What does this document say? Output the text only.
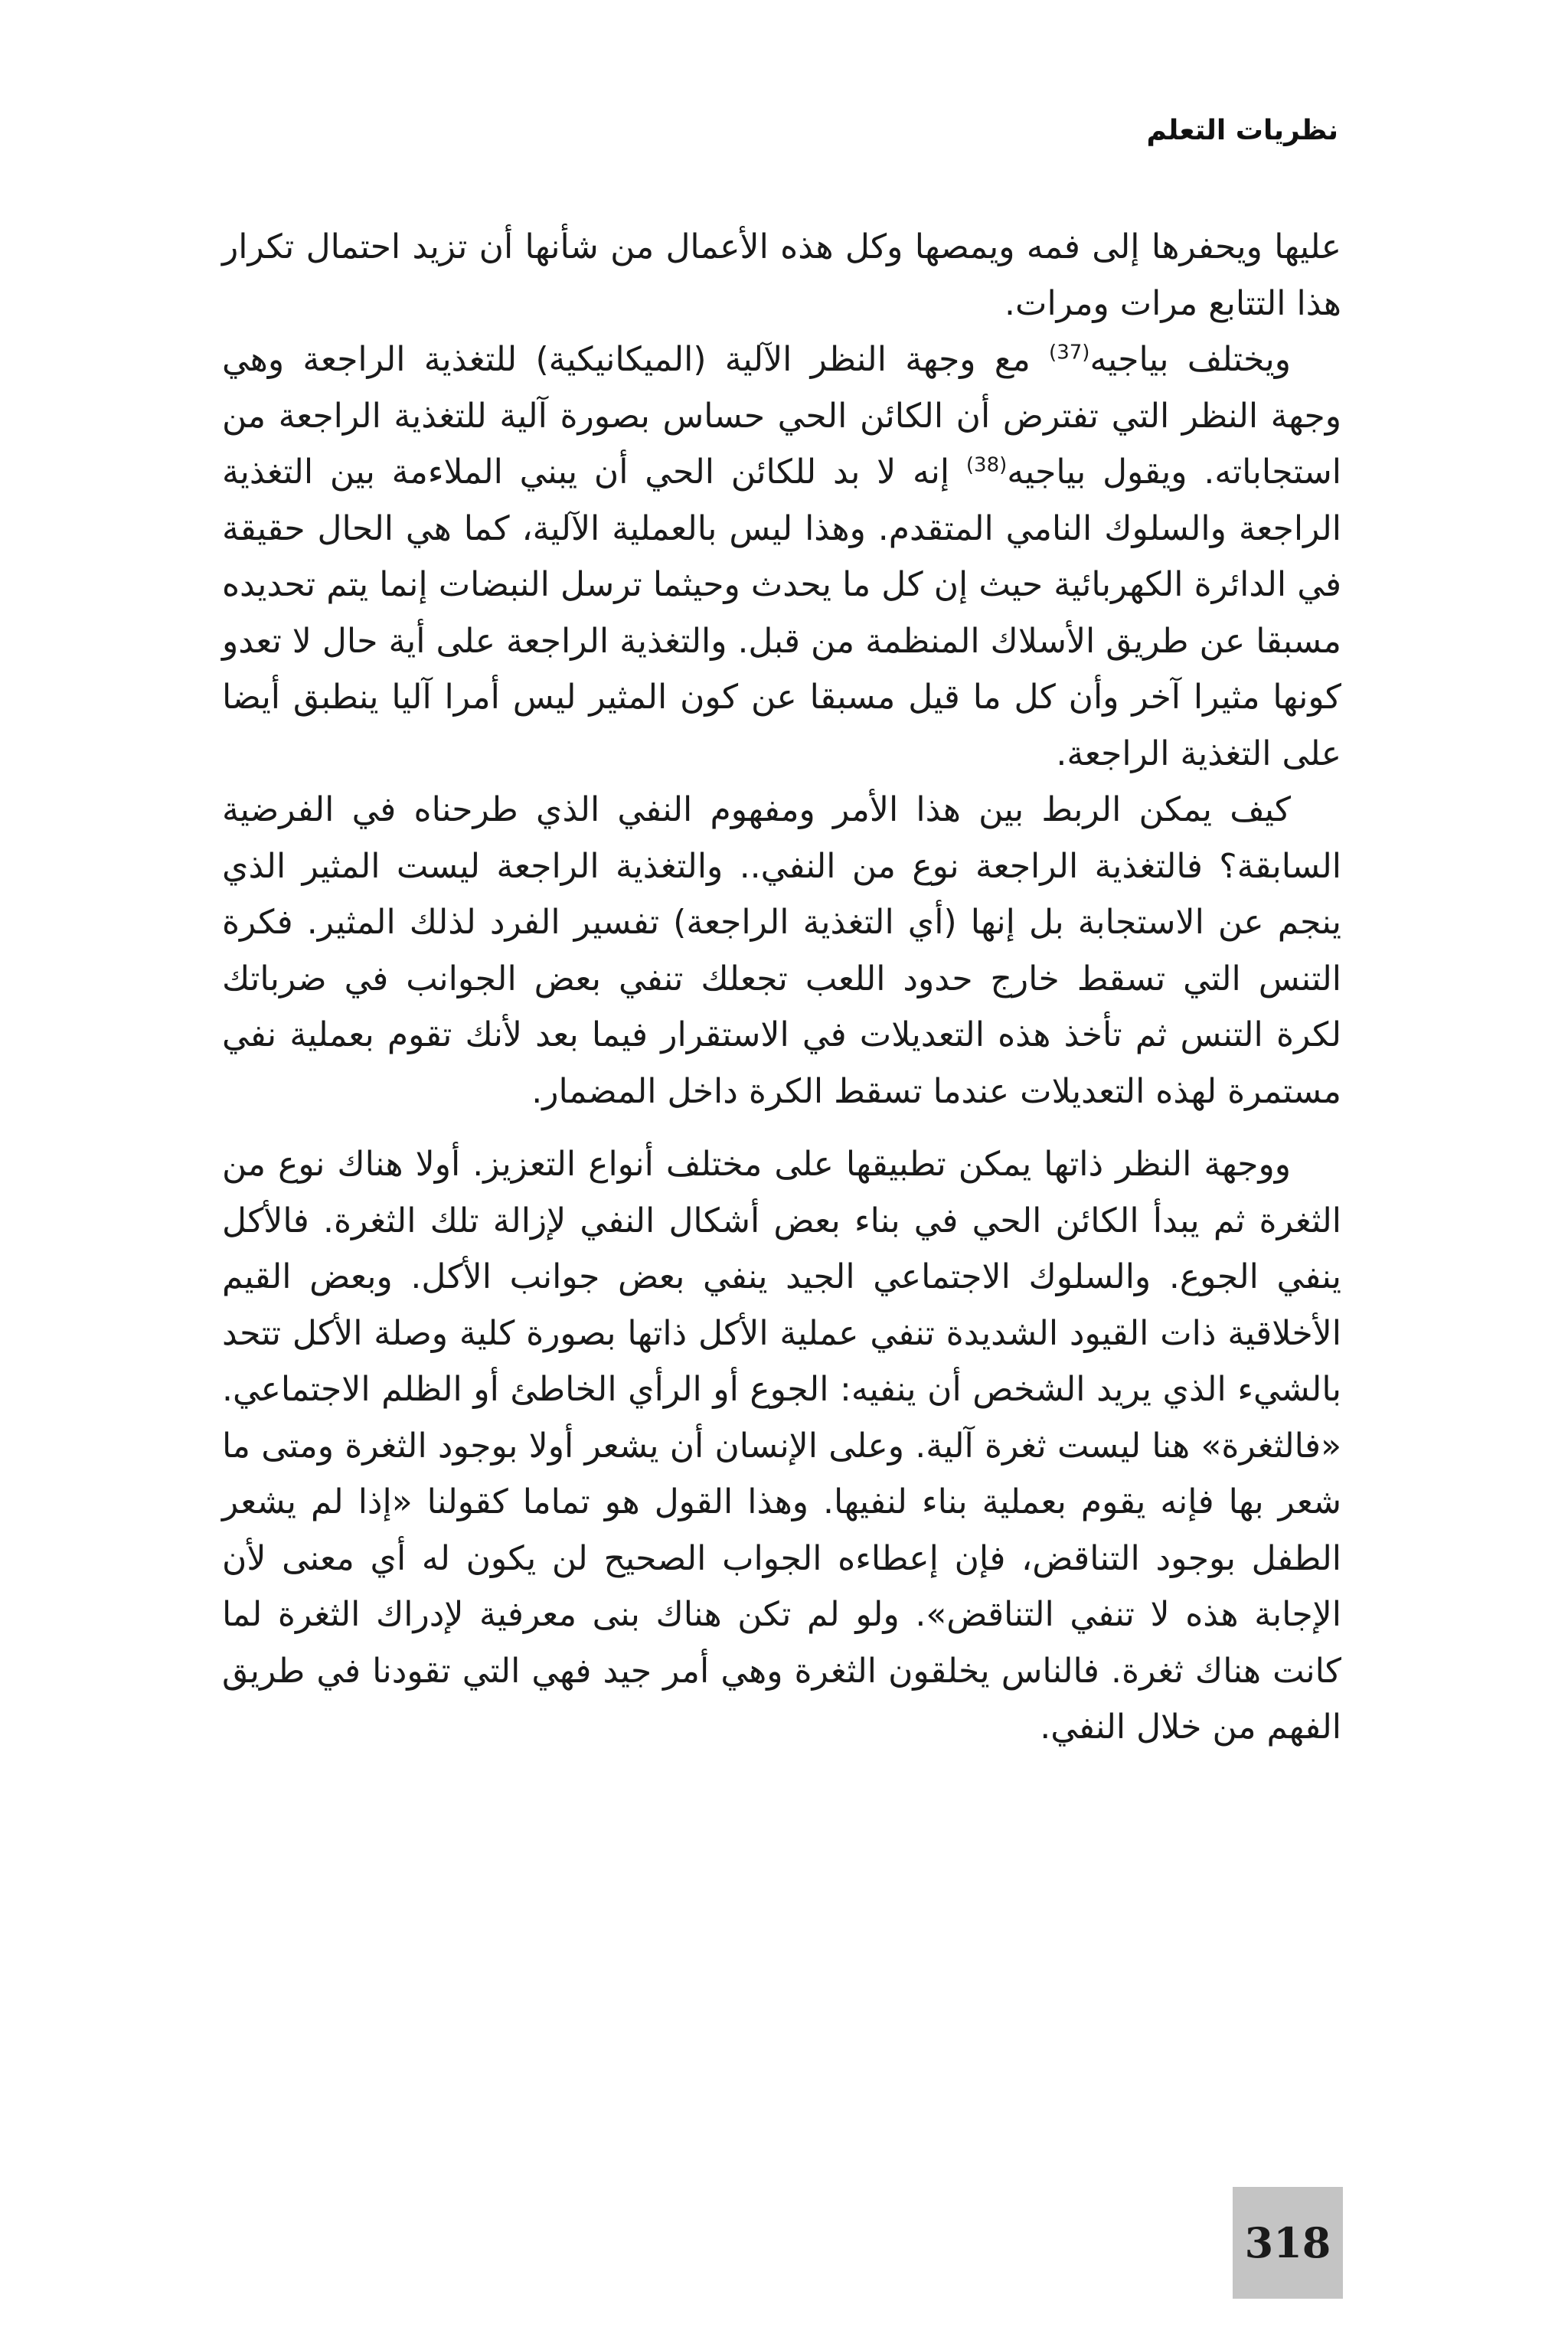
نظريات التعلم

عليها ويحفرها إلى فمه ويمصها وكل هذه الأعمال من شأنها أن تزيد احتمال تكرار هذا التتابع مرات ومرات.

ويختلف بياجيه$^{(37)}$ مع وجهة النظر الآلية (الميكانيكية) للتغذية الراجعة وهي وجهة النظر التي تفترض أن الكائن الحي حساس بصورة آلية للتغذية الراجعة من استجاباته. ويقول بياجيه$^{(38)}$ إنه لا بد للكائن الحي أن يبني الملاءمة بين التغذية الراجعة والسلوك النامي المتقدم. وهذا ليس بالعملية الآلية، كما هي الحال حقيقة في الدائرة الكهربائية حيث إن كل ما يحدث وحيثما ترسل النبضات إنما يتم تحديده مسبقا عن طريق الأسلاك المنظمة من قبل. والتغذية الراجعة على أية حال لا تعدو كونها مثيرا آخر وأن كل ما قيل مسبقا عن كون المثير ليس أمرا آليا ينطبق أيضا على التغذية الراجعة.

كيف يمكن الربط بين هذا الأمر ومفهوم النفي الذي طرحناه في الفرضية السابقة؟ فالتغذية الراجعة نوع من النفي.. والتغذية الراجعة ليست المثير الذي ينجم عن الاستجابة بل إنها (أي التغذية الراجعة) تفسير الفرد لذلك المثير. فكرة التنس التي تسقط خارج حدود اللعب تجعلك تنفي بعض الجوانب في ضرباتك لكرة التنس ثم تأخذ هذه التعديلات في الاستقرار فيما بعد لأنك تقوم بعملية نفي مستمرة لهذه التعديلات عندما تسقط الكرة داخل المضمار.

ووجهة النظر ذاتها يمكن تطبيقها على مختلف أنواع التعزيز. أولا هناك نوع من الثغرة ثم يبدأ الكائن الحي في بناء بعض أشكال النفي لإزالة تلك الثغرة. فالأكل ينفي الجوع. والسلوك الاجتماعي الجيد ينفي بعض جوانب الأكل. وبعض القيم الأخلاقية ذات القيود الشديدة تنفي عملية الأكل ذاتها بصورة كلية وصلة الأكل تتحد بالشيء الذي يريد الشخص أن ينفيه: الجوع أو الرأي الخاطئ أو الظلم الاجتماعي. «فالثغرة» هنا ليست ثغرة آلية. وعلى الإنسان أن يشعر أولا بوجود الثغرة ومتى ما شعر بها فإنه يقوم بعملية بناء لنفيها. وهذا القول هو تماما كقولنا «إذا لم يشعر الطفل بوجود التناقض، فإن إعطاءه الجواب الصحيح لن يكون له أي معنى لأن الإجابة هذه لا تنفي التناقض». ولو لم تكن هناك بنى معرفية لإدراك الثغرة لما كانت هناك ثغرة. فالناس يخلقون الثغرة وهي أمر جيد فهي التي تقودنا في طريق الفهم من خلال النفي.

318
